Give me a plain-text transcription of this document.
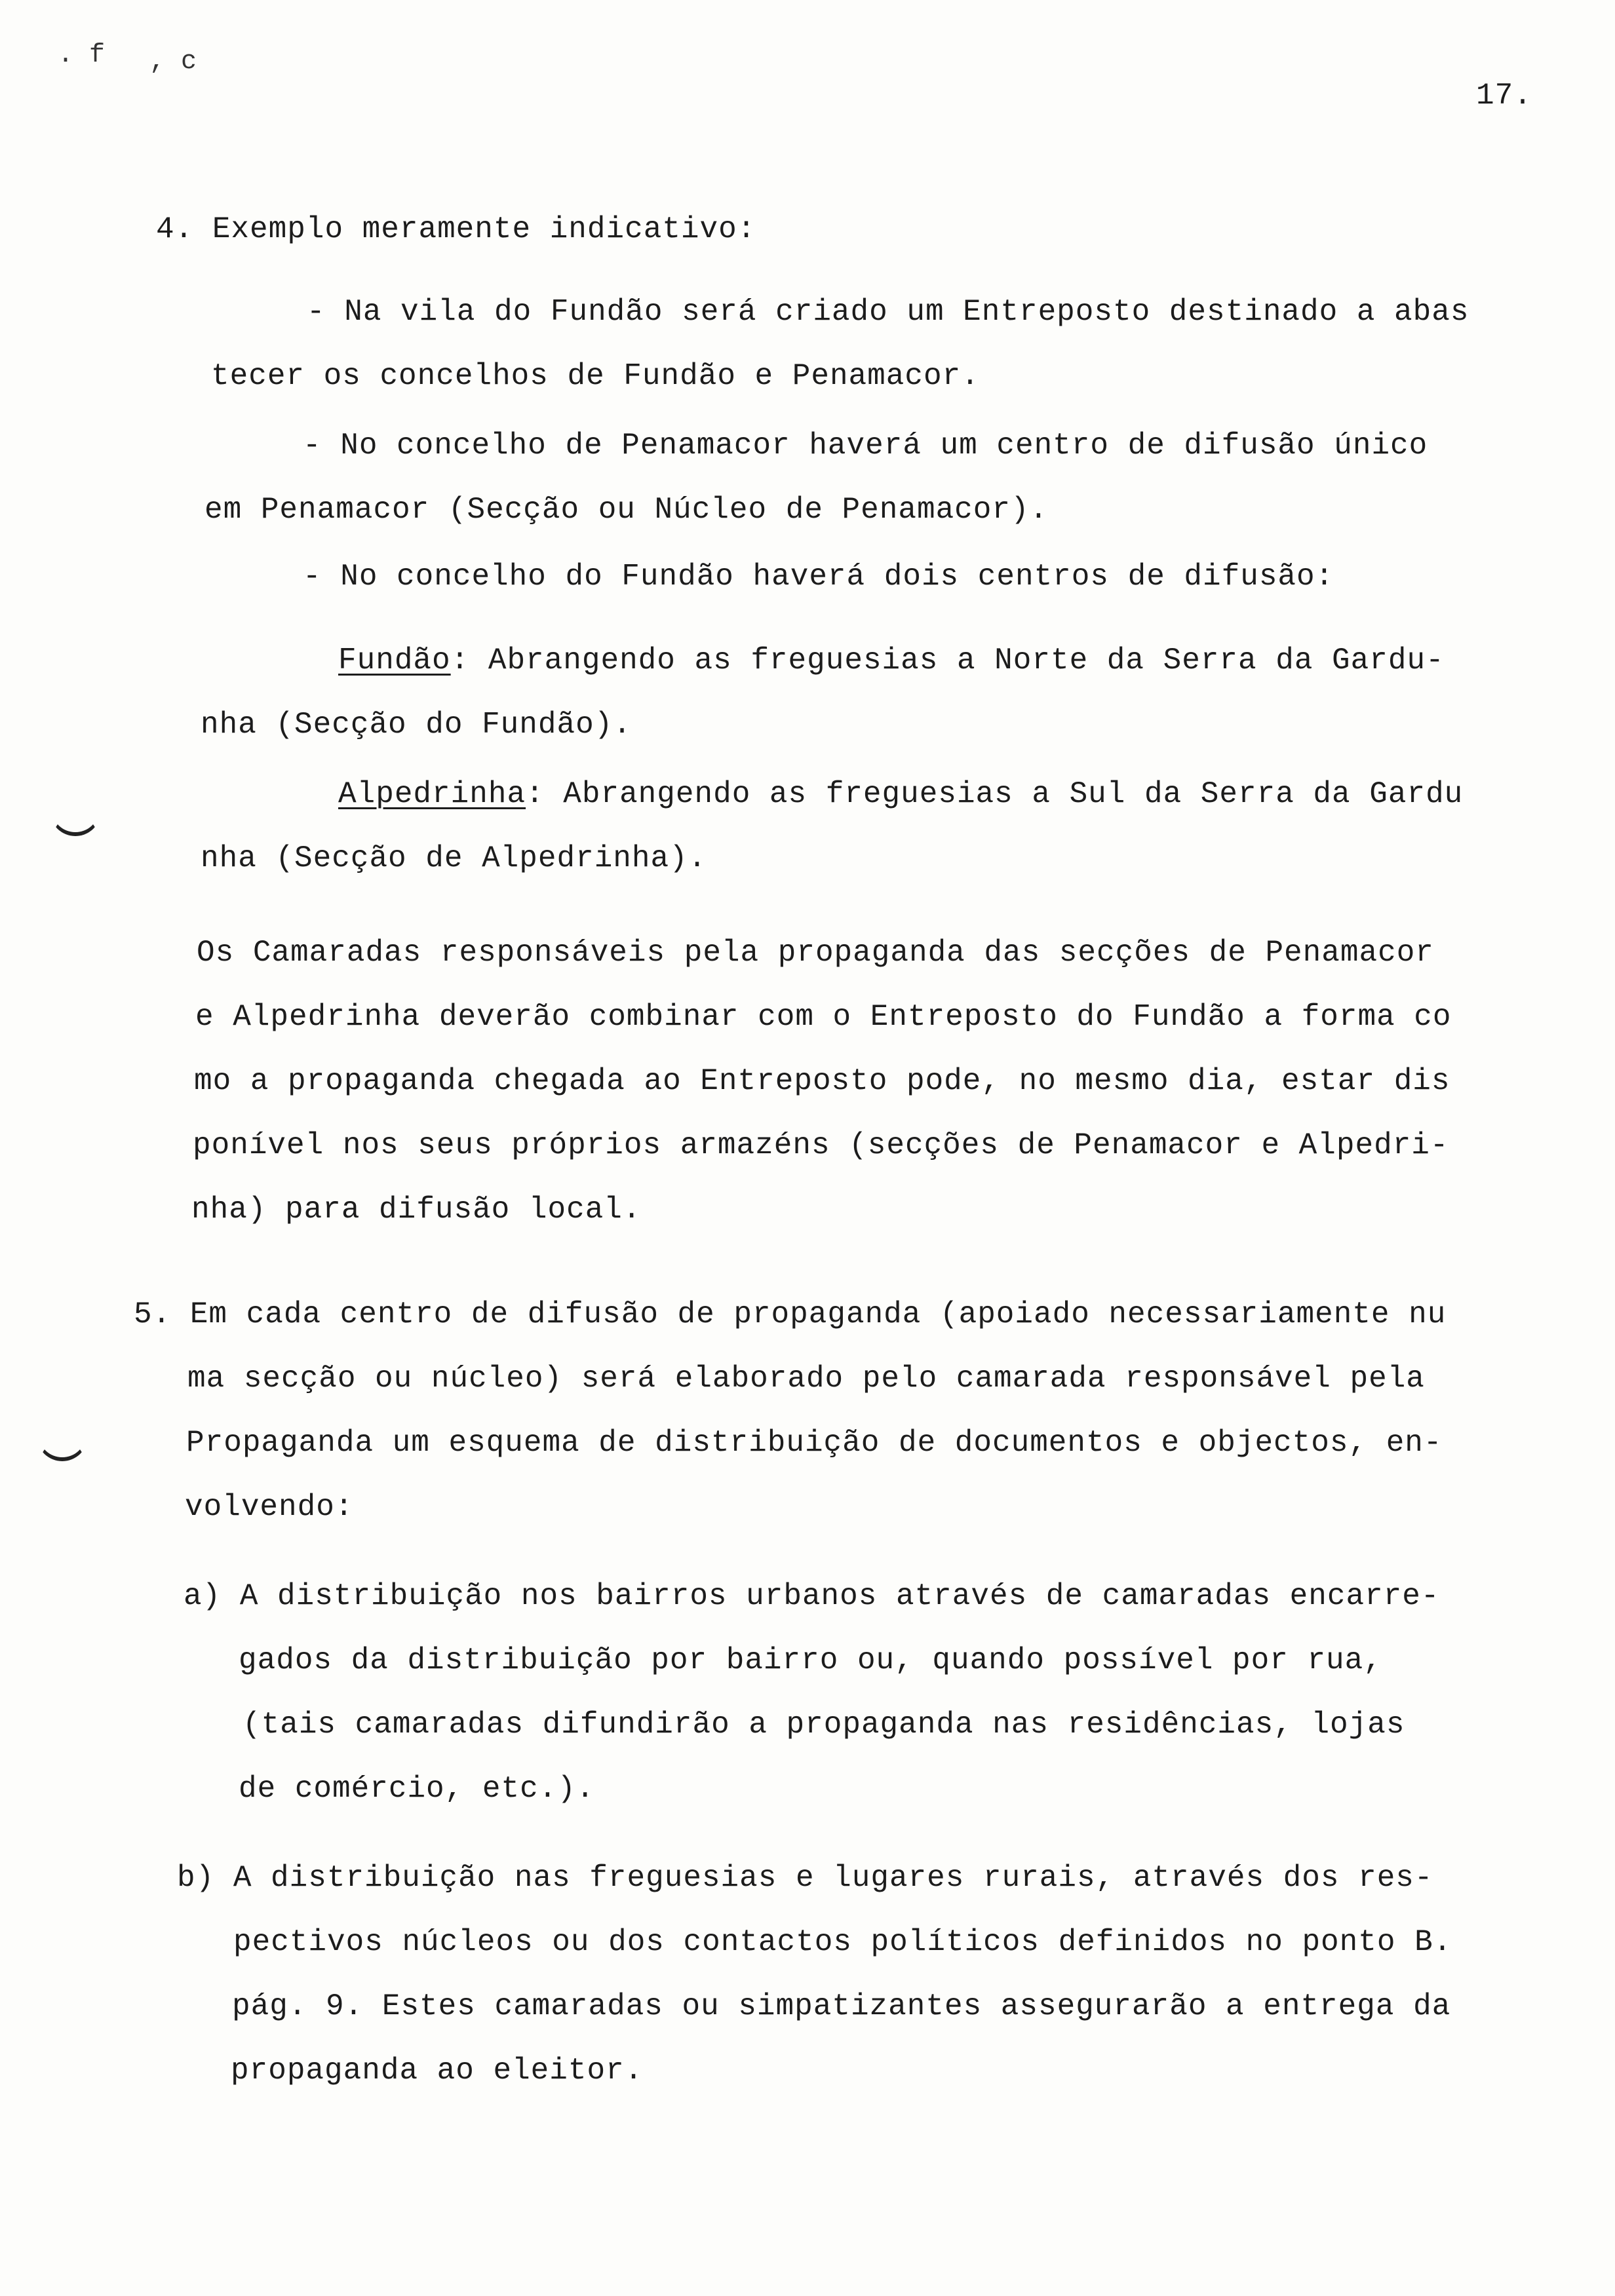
. f , c
17.
4. Exemplo meramente indicativo:
- Na vila do Fundão será criado um Entreposto destinado a abas
tecer os concelhos de Fundão e Penamacor.
- No concelho de Penamacor haverá um centro de difusão único
em Penamacor (Secção ou Núcleo de Penamacor).
- No concelho do Fundão haverá dois centros de difusão:
Fundão: Abrangendo as freguesias a Norte da Serra da Gardu-
nha (Secção do Fundão).
Alpedrinha: Abrangendo as freguesias a Sul da Serra da Gardu
nha (Secção de Alpedrinha).
Os Camaradas responsáveis pela propaganda das secções de Penamacor
e Alpedrinha deverão combinar com o Entreposto do Fundão a forma co
mo a propaganda chegada ao Entreposto pode, no mesmo dia, estar dis
ponível nos seus próprios armazéns (secções de Penamacor e Alpedri-
nha) para difusão local.
5. Em cada centro de difusão de propaganda (apoiado necessariamente nu
ma secção ou núcleo) será elaborado pelo camarada responsável pela
Propaganda um esquema de distribuição de documentos e objectos, en-
volvendo:
a) A distribuição nos bairros urbanos através de camaradas encarre-
gados da distribuição por bairro ou, quando possível por rua,
(tais camaradas difundirão a propaganda nas residências, lojas
de comércio, etc.).
b) A distribuição nas freguesias e lugares rurais, através dos res-
pectivos núcleos ou dos contactos políticos definidos no ponto B.
pág. 9. Estes camaradas ou simpatizantes assegurarão a entrega da
propaganda ao eleitor.
